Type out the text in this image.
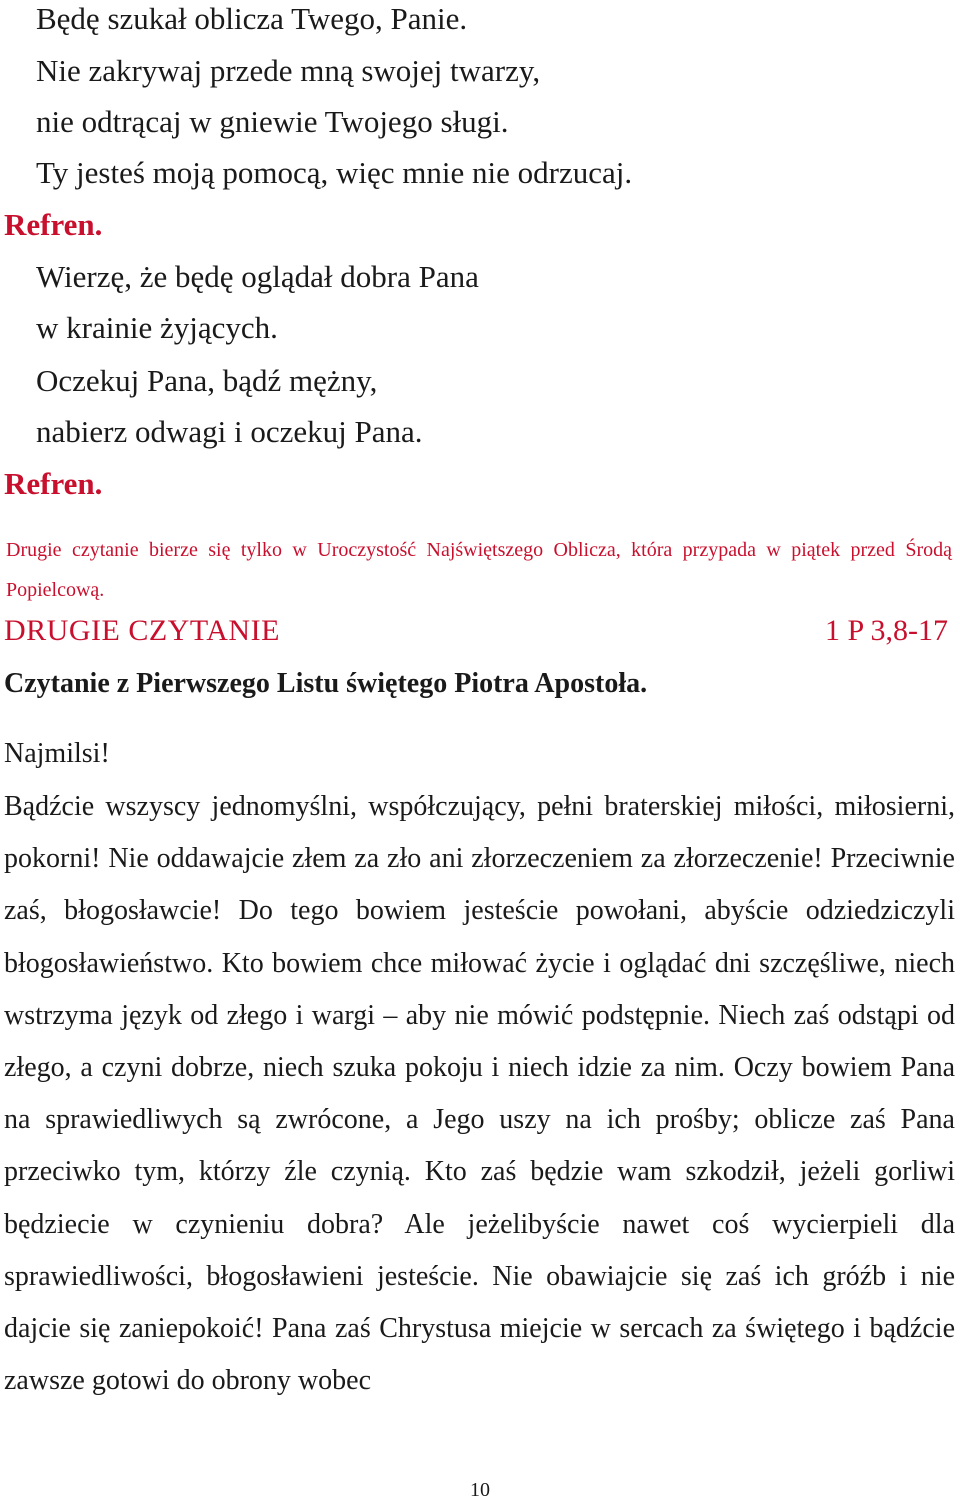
Będę szukał oblicza Twego, Panie.
Nie zakrywaj przede mną swojej twarzy,
nie odtrącaj w gniewie Twojego sługi.
Ty jesteś moją pomocą, więc mnie nie odrzucaj.
Refren.
Wierzę, że będę oglądał dobra Pana
w krainie żyjących.
Oczekuj Pana, bądź mężny,
nabierz odwagi i oczekuj Pana.
Refren.
Drugie czytanie bierze się tylko w Uroczystość Najświętszego Oblicza, która przypada w piątek przed Środą Popielcową.
DRUGIE CZYTANIE	1 P 3,8-17
Czytanie z Pierwszego Listu świętego Piotra Apostoła.
Najmilsi!
Bądźcie wszyscy jednomyślni, współczujący, pełni braterskiej miłości, miłosierni, pokorni! Nie oddawajcie złem za zło ani złorzeczeniem za złorzeczenie! Przeciwnie zaś, błogosławcie! Do tego bowiem jesteście powołani, abyście odziedziczyli błogosławieństwo. Kto bowiem chce miłować życie i oglądać dni szczęśliwe, niech wstrzyma język od złego i wargi – aby nie mówić podstępnie. Niech zaś odstąpi od złego, a czyni dobrze, niech szuka pokoju i niech idzie za nim. Oczy bowiem Pana na sprawiedliwych są zwrócone, a Jego uszy na ich prośby; oblicze zaś Pana przeciwko tym, którzy źle czynią. Kto zaś będzie wam szkodził, jeżeli gorliwi będziecie w czynieniu dobra? Ale jeżelibyście nawet coś wycierpieli dla sprawiedliwości, błogosławieni jesteście. Nie obawiajcie się zaś ich gróźb i nie dajcie się zaniepokoić! Pana zaś Chrystusa miejcie w sercach za świętego i bądźcie zawsze gotowi do obrony wobec
10
